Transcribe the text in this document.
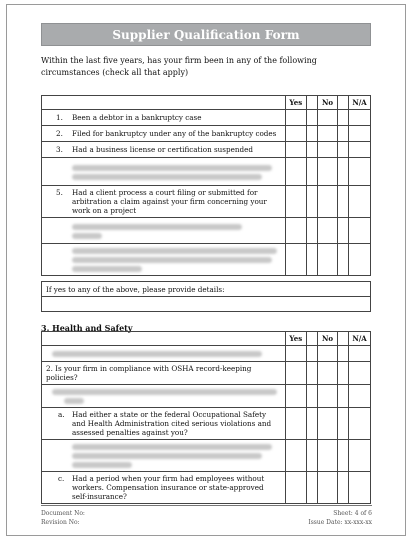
Supplier Qualification Form
Within the last five years, has your firm been in any of the following circumstances (check all that apply)
	Yes		No		N/A
1. Been a debtor in a bankruptcy case					
2. Filed for bankruptcy under any of the bankruptcy codes					
3. Had a business license or certification suspended					

5. Had a client process a court filing or submitted for arbitration a claim against your firm concerning your work on a project					

If yes to any of the above, please provide details:

3. Health and Safety
	Yes		No		N/A

2. Is your firm in compliance with OSHA record-keeping policies?					

a. Had either a state or the federal Occupational Safety and Health Administration cited serious violations and assessed penalties against you?					

c. Had a period when your firm had employees without workers. Compensation insurance or state-approved self-insurance?					

Document No:
Revision No:
Sheet: 4 of 6
Issue Date: xx-xxx-xx
